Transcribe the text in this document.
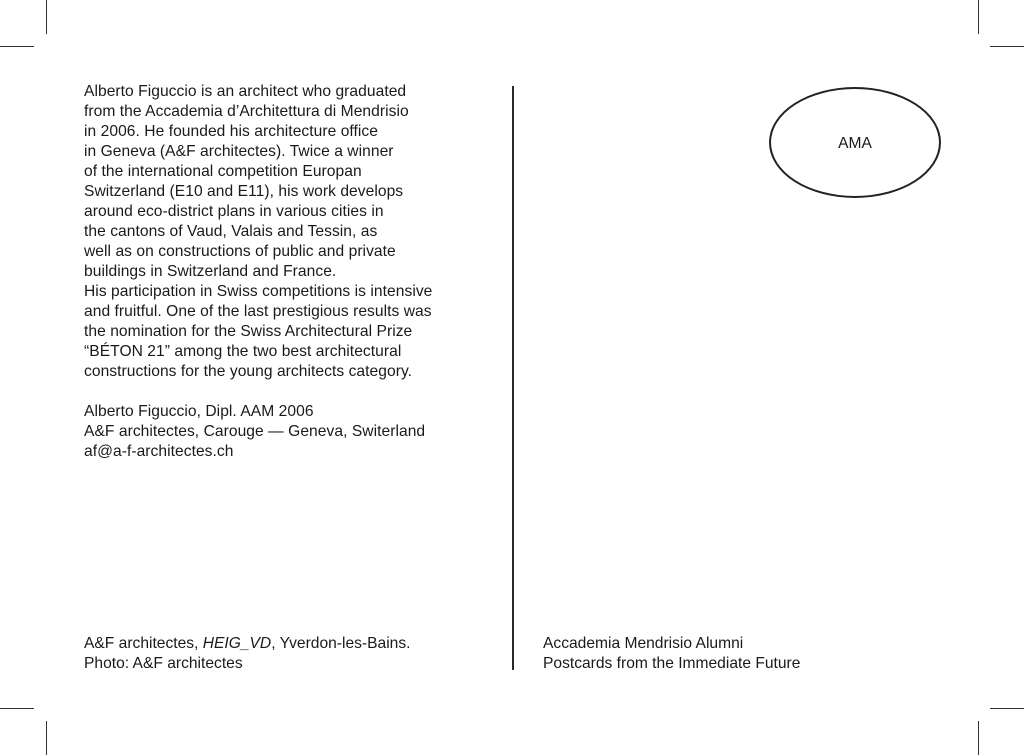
Alberto Figuccio is an architect who graduated
from the Accademia d’Architettura di Mendrisio
in 2006. He founded his architecture office
in Geneva (A&F architectes). Twice a winner
of the international competition Europan
Switzerland (E10 and E11), his work develops
around eco-district plans in various cities in
the cantons of Vaud, Valais and Tessin, as
well as on constructions of public and private
buildings in Switzerland and France.
His participation in Swiss competitions is intensive
and fruitful. One of the last prestigious results was
the nomination for the Swiss Architectural Prize
“BÉTON 21” among the two best architectural
constructions for the young architects category.
Alberto Figuccio, Dipl. AAM 2006
A&F architectes, Carouge — Geneva, Switerland
af@a-f-architectes.ch
AMA
A&F architectes, HEIG_VD, Yverdon-les-Bains.
Photo: A&F architectes
Accademia Mendrisio Alumni
Postcards from the Immediate Future
